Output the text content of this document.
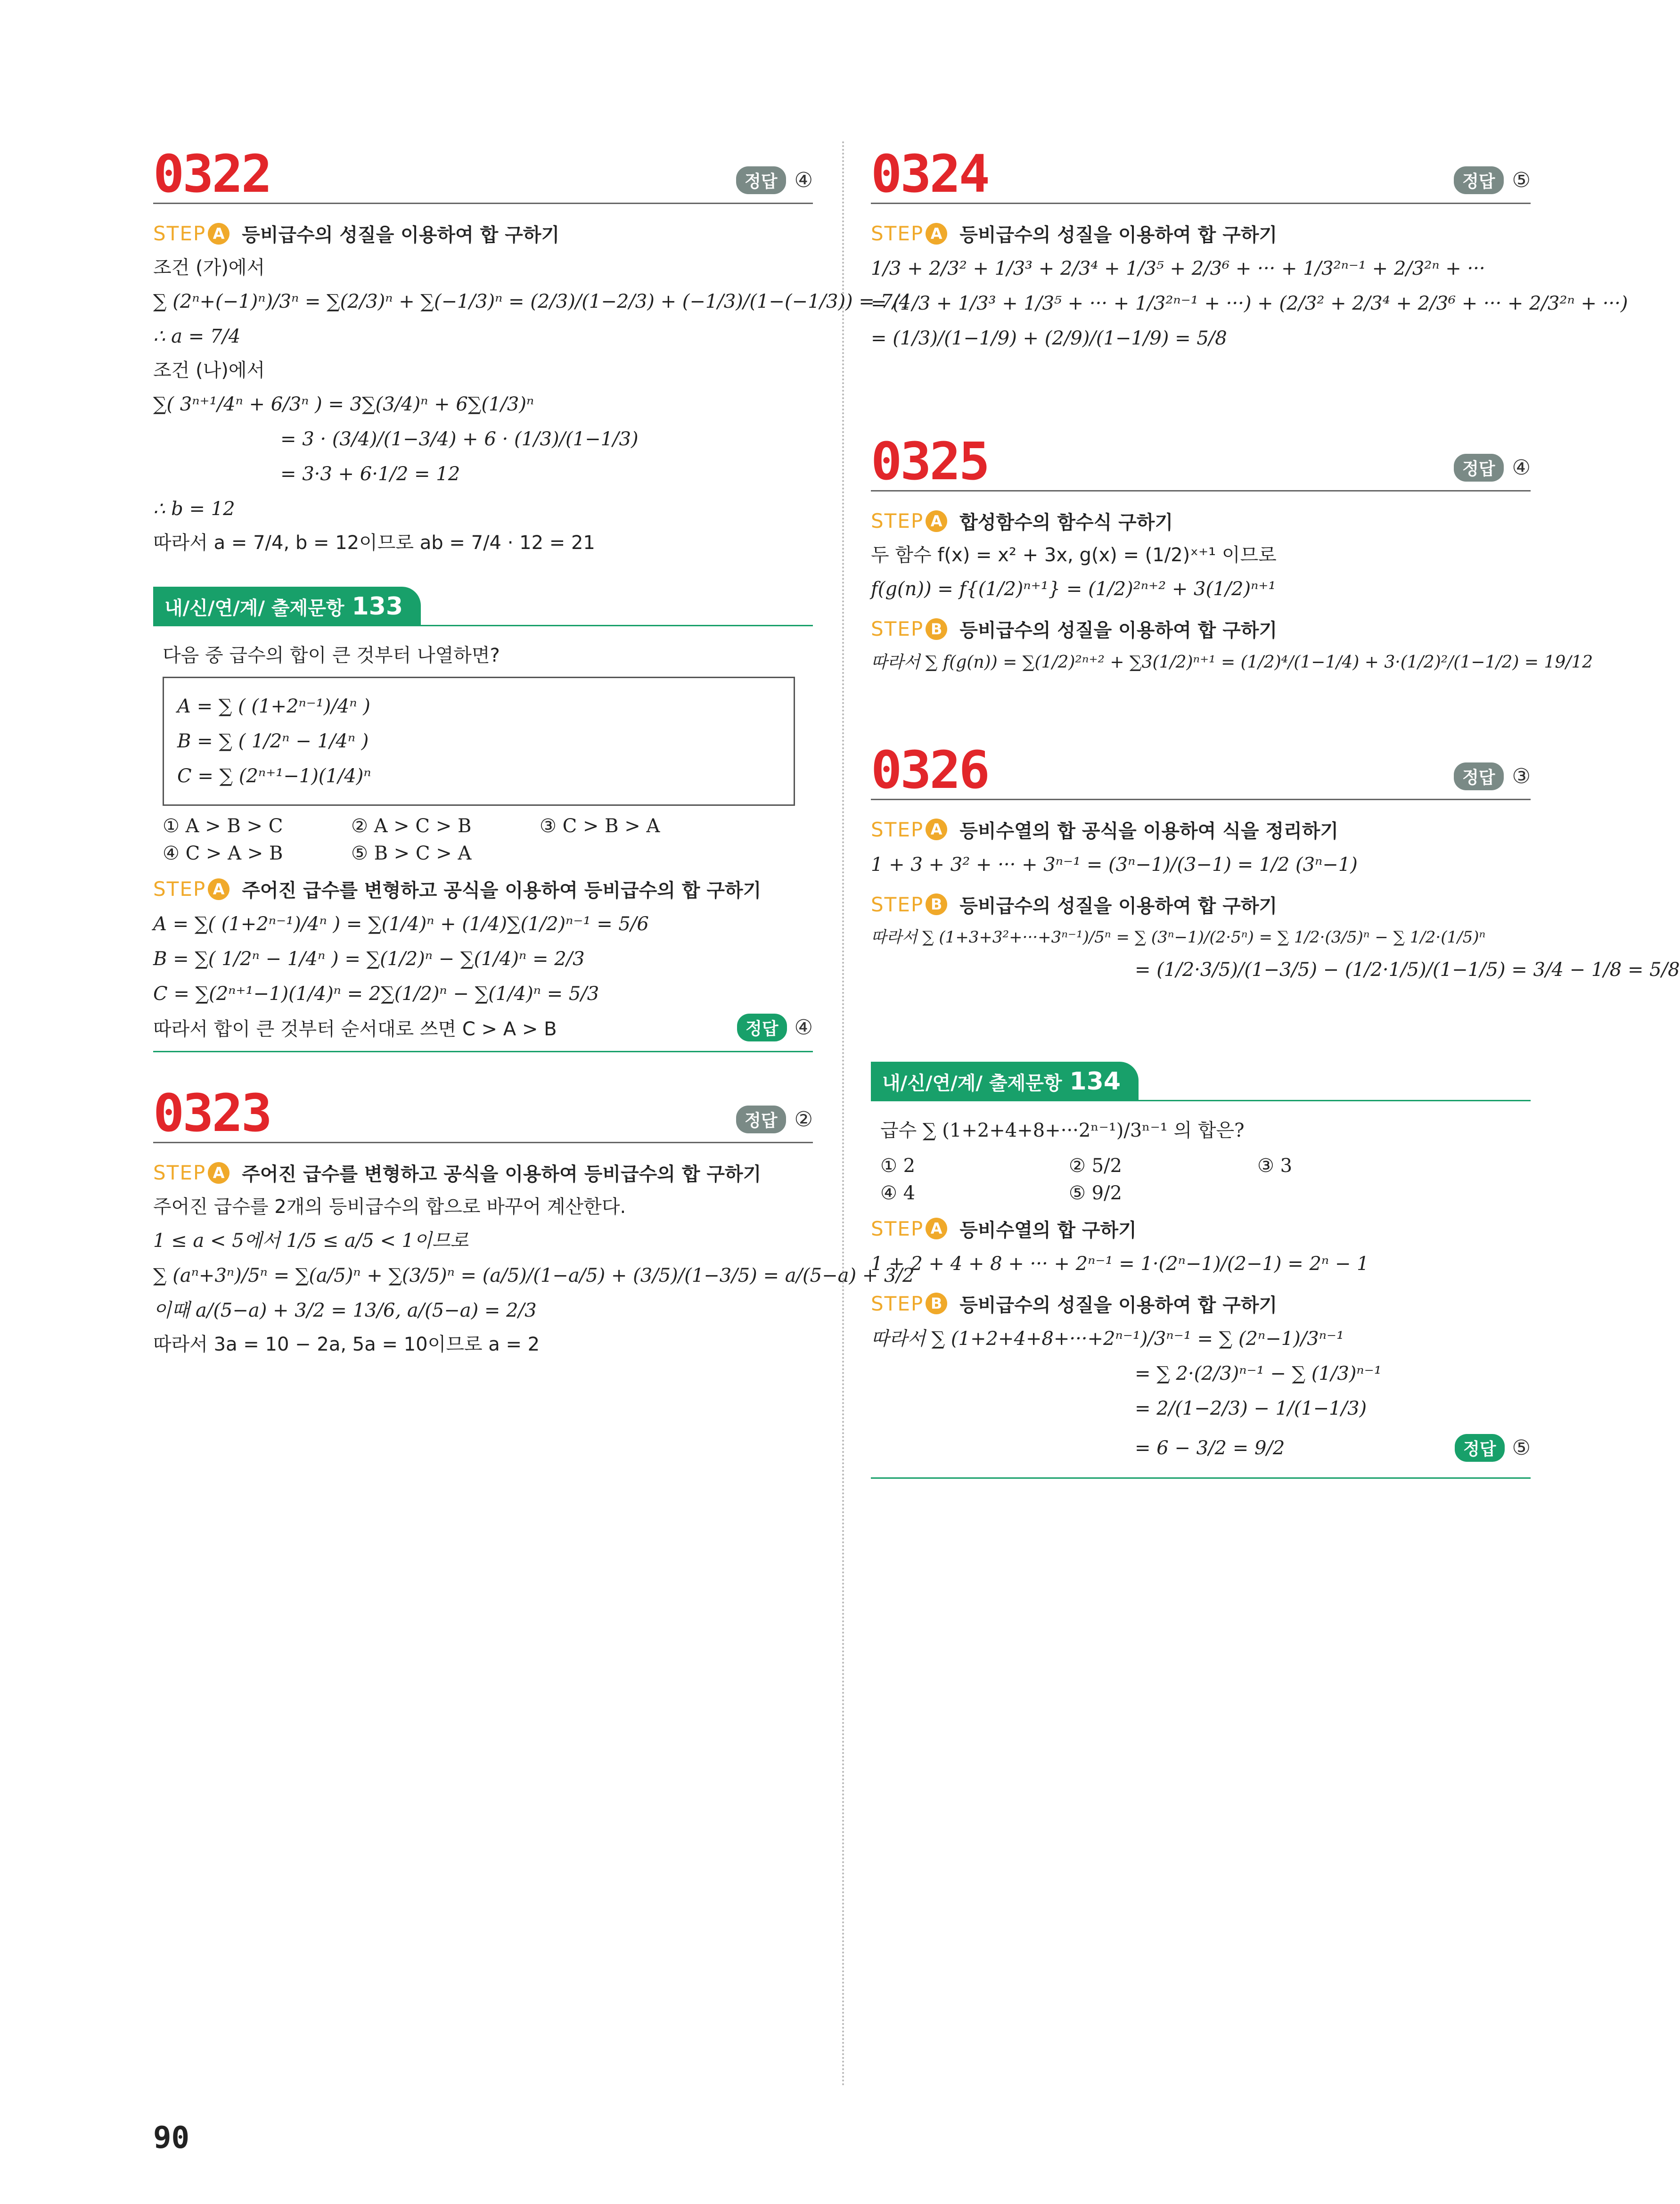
0322	정답 ④
STEP A 등비급수의 성질을 이용하여 합 구하기
조건 (가)에서
∑ (2ⁿ+(−1)ⁿ)/3ⁿ = ∑(2/3)ⁿ + ∑(−1/3)ⁿ = (2/3)/(1−2/3) + (−1/3)/(1−(−1/3)) = 7/4
∴ a = 7/4
조건 (나)에서
∑( 3ⁿ⁺¹/4ⁿ + 6/3ⁿ ) = 3∑(3/4)ⁿ + 6∑(1/3)ⁿ
= 3 · (3/4)/(1−3/4) + 6 · (1/3)/(1−1/3)
= 3·3 + 6·1/2 = 12
∴ b = 12
따라서 a = 7/4, b = 12이므로 ab = 7/4 · 12 = 21
내/신/연/계/ 출제문항 133
다음 중 급수의 합이 큰 것부터 나열하면?
A = ∑ ( (1+2ⁿ⁻¹)/4ⁿ )
B = ∑ ( 1/2ⁿ − 1/4ⁿ )
C = ∑ (2ⁿ⁺¹−1)(1/4)ⁿ
① A > B > C	② A > C > B	③ C > B > A
④ C > A > B	⑤ B > C > A
STEP A 주어진 급수를 변형하고 공식을 이용하여 등비급수의 합 구하기
A = ∑( (1+2ⁿ⁻¹)/4ⁿ ) = ∑(1/4)ⁿ + (1/4)∑(1/2)ⁿ⁻¹ = 5/6
B = ∑( 1/2ⁿ − 1/4ⁿ ) = ∑(1/2)ⁿ − ∑(1/4)ⁿ = 2/3
C = ∑(2ⁿ⁺¹−1)(1/4)ⁿ = 2∑(1/2)ⁿ − ∑(1/4)ⁿ = 5/3
따라서 합이 큰 것부터 순서대로 쓰면 C > A > B	정답 ④
0323	정답 ②
STEP A 주어진 급수를 변형하고 공식을 이용하여 등비급수의 합 구하기
주어진 급수를 2개의 등비급수의 합으로 바꾸어 계산한다.
1 ≤ a < 5에서 1/5 ≤ a/5 < 1이므로
∑ (aⁿ+3ⁿ)/5ⁿ = ∑(a/5)ⁿ + ∑(3/5)ⁿ = (a/5)/(1−a/5) + (3/5)/(1−3/5) = a/(5−a) + 3/2
이때 a/(5−a) + 3/2 = 13/6, a/(5−a) = 2/3
따라서 3a = 10 − 2a, 5a = 10이므로 a = 2
0324	정답 ⑤
STEP A 등비급수의 성질을 이용하여 합 구하기
1/3 + 2/3² + 1/3³ + 2/3⁴ + 1/3⁵ + 2/3⁶ + ··· + 1/3²ⁿ⁻¹ + 2/3²ⁿ + ···
= (1/3 + 1/3³ + 1/3⁵ + ··· + 1/3²ⁿ⁻¹ + ···) + (2/3² + 2/3⁴ + 2/3⁶ + ··· + 2/3²ⁿ + ···)
= (1/3)/(1−1/9) + (2/9)/(1−1/9) = 5/8
0325	정답 ④
STEP A 합성함수의 함수식 구하기
두 함수 f(x) = x² + 3x, g(x) = (1/2)ˣ⁺¹ 이므로
f(g(n)) = f{(1/2)ⁿ⁺¹} = (1/2)²ⁿ⁺² + 3(1/2)ⁿ⁺¹
STEP B 등비급수의 성질을 이용하여 합 구하기
따라서 ∑ f(g(n)) = ∑(1/2)²ⁿ⁺² + ∑3(1/2)ⁿ⁺¹ = (1/2)⁴/(1−1/4) + 3·(1/2)²/(1−1/2) = 19/12
0326	정답 ③
STEP A 등비수열의 합 공식을 이용하여 식을 정리하기
1 + 3 + 3² + ··· + 3ⁿ⁻¹ = (3ⁿ−1)/(3−1) = 1/2 (3ⁿ−1)
STEP B 등비급수의 성질을 이용하여 합 구하기
따라서 ∑ (1+3+3²+···+3ⁿ⁻¹)/5ⁿ = ∑ (3ⁿ−1)/(2·5ⁿ) = ∑ 1/2·(3/5)ⁿ − ∑ 1/2·(1/5)ⁿ
= (1/2·3/5)/(1−3/5) − (1/2·1/5)/(1−1/5) = 3/4 − 1/8 = 5/8
내/신/연/계/ 출제문항 134
급수 ∑ (1+2+4+8+···2ⁿ⁻¹)/3ⁿ⁻¹ 의 합은?
① 2	② 5/2	③ 3
④ 4	⑤ 9/2
STEP A 등비수열의 합 구하기
1 + 2 + 4 + 8 + ··· + 2ⁿ⁻¹ = 1·(2ⁿ−1)/(2−1) = 2ⁿ − 1
STEP B 등비급수의 성질을 이용하여 합 구하기
따라서 ∑ (1+2+4+8+···+2ⁿ⁻¹)/3ⁿ⁻¹ = ∑ (2ⁿ−1)/3ⁿ⁻¹
= ∑ 2·(2/3)ⁿ⁻¹ − ∑ (1/3)ⁿ⁻¹
= 2/(1−2/3) − 1/(1−1/3)
= 6 − 3/2 = 9/2	정답 ⑤
90
